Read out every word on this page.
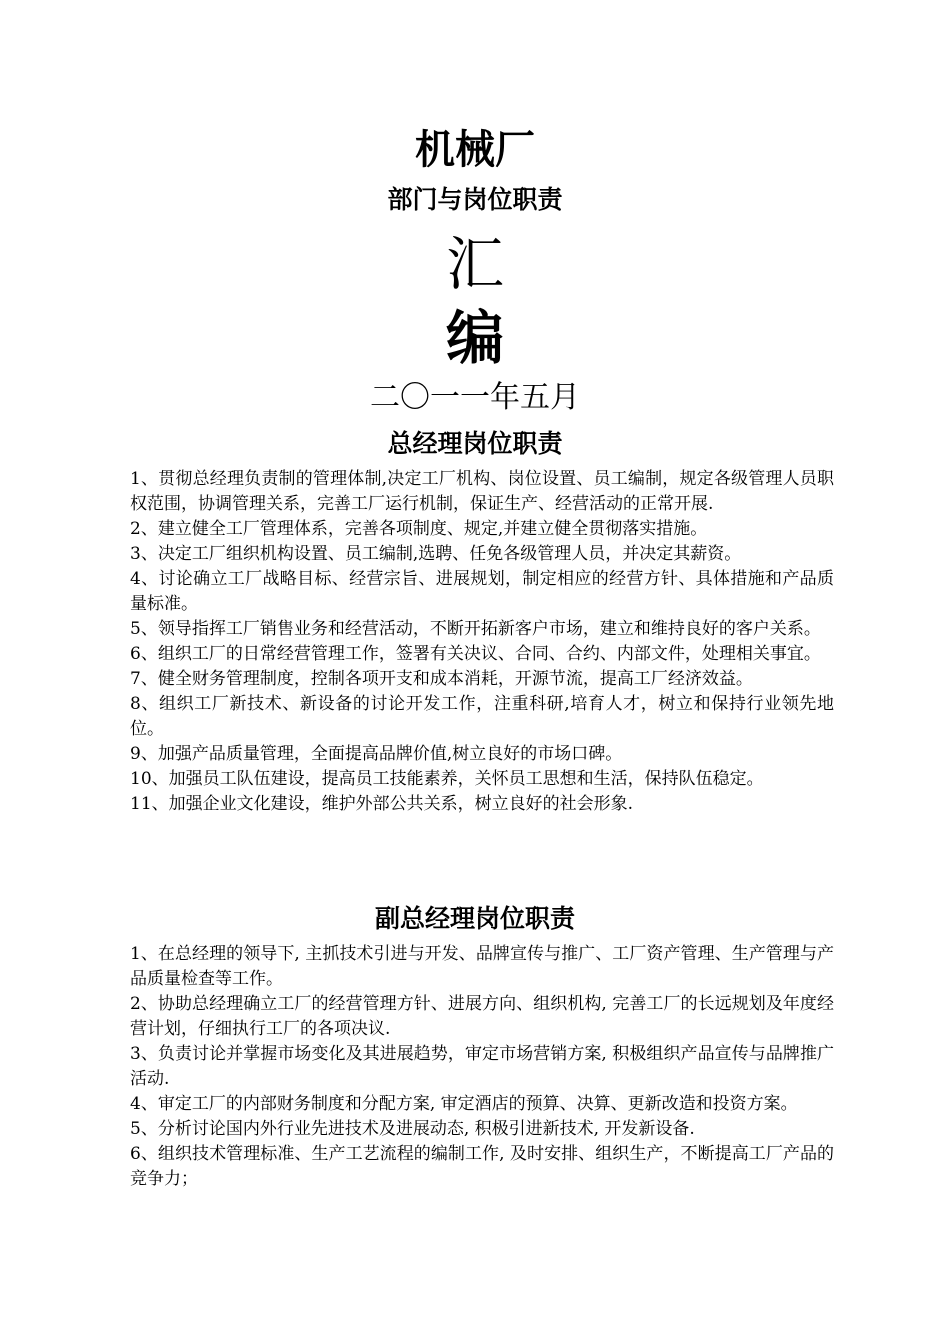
机械厂
部门与岗位职责
汇
编
二〇一一年五月
总经理岗位职责
1、贯彻总经理负责制的管理体制,决定工厂机构、岗位设置、员工编制，规定各级管理人员职权范围，协调管理关系，完善工厂运行机制，保证生产、经营活动的正常开展.
2、建立健全工厂管理体系，完善各项制度、规定,并建立健全贯彻落实措施。
3、决定工厂组织机构设置、员工编制,选聘、任免各级管理人员，并决定其薪资。
4、讨论确立工厂战略目标、经营宗旨、进展规划，制定相应的经营方针、具体措施和产品质量标准。
5、领导指挥工厂销售业务和经营活动，不断开拓新客户市场，建立和维持良好的客户关系。
6、组织工厂的日常经营管理工作，签署有关决议、合同、合约、内部文件，处理相关事宜。
7、健全财务管理制度，控制各项开支和成本消耗，开源节流，提高工厂经济效益。
8、组织工厂新技术、新设备的讨论开发工作，注重科研,培育人才，树立和保持行业领先地位。
9、加强产品质量管理，全面提高品牌价值,树立良好的市场口碑。
10、加强员工队伍建设，提高员工技能素养，关怀员工思想和生活，保持队伍稳定。
11、加强企业文化建设，维护外部公共关系，树立良好的社会形象.
副总经理岗位职责
1、在总经理的领导下, 主抓技术引进与开发、品牌宣传与推广、工厂资产管理、生产管理与产品质量检查等工作。
2、协助总经理确立工厂的经营管理方针、进展方向、组织机构, 完善工厂的长远规划及年度经营计划，仔细执行工厂的各项决议.
3、负责讨论并掌握市场变化及其进展趋势，审定市场营销方案, 积极组织产品宣传与品牌推广活动.
4、审定工厂的内部财务制度和分配方案, 审定酒店的预算、决算、更新改造和投资方案。
5、分析讨论国内外行业先进技术及进展动态, 积极引进新技术, 开发新设备.
6、组织技术管理标准、生产工艺流程的编制工作, 及时安排、组织生产，不断提高工厂产品的竞争力；
